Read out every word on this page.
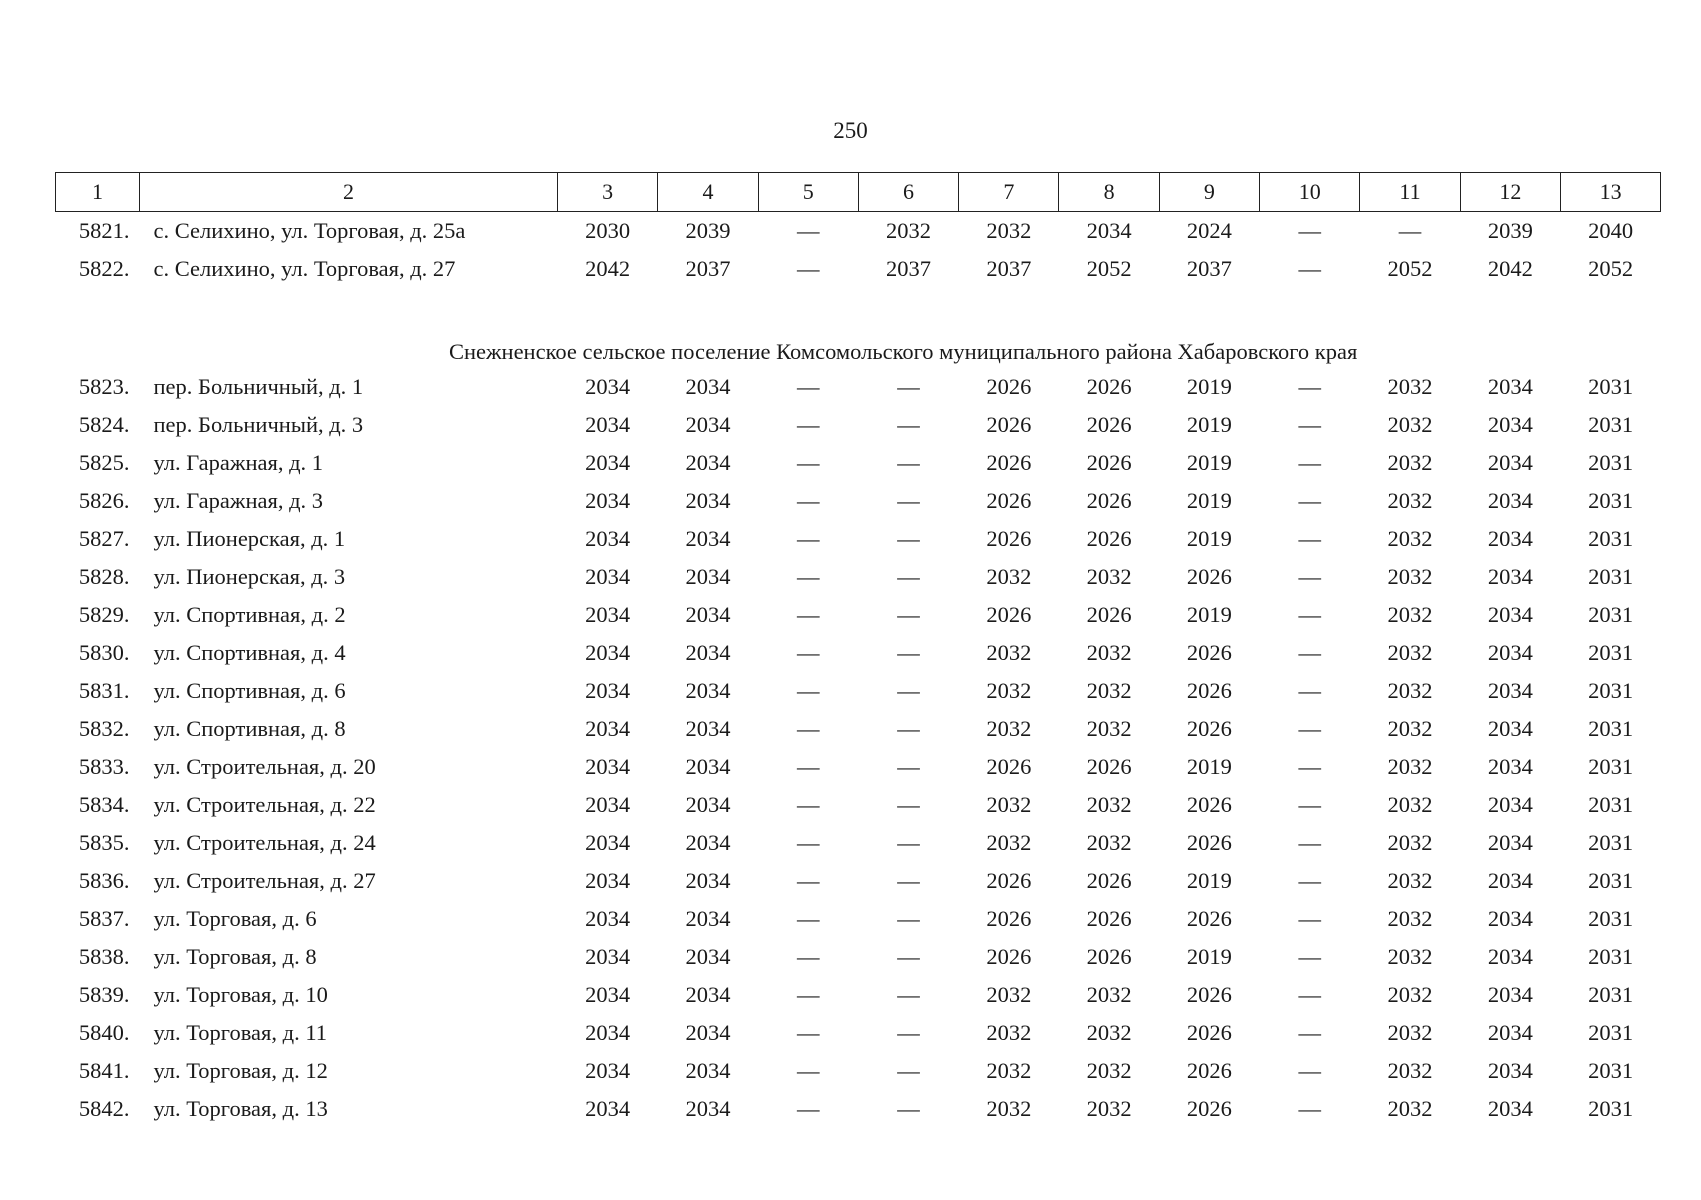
250
1	2	3	4	5	6	7	8	9	10	11	12	13
5821.	с. Селихино, ул. Торговая, д. 25а	2030	2039	—	2032	2032	2034	2024	—	—	2039	2040
5822.	с. Селихино, ул. Торговая, д. 27	2042	2037	—	2037	2037	2052	2037	—	2052	2042	2052

Снежненское сельское поселение Комсомольского муниципального района Хабаровского края												
5823.	пер. Больничный, д. 1	2034	2034	—	—	2026	2026	2019	—	2032	2034	2031
5824.	пер. Больничный, д. 3	2034	2034	—	—	2026	2026	2019	—	2032	2034	2031
5825.	ул. Гаражная, д. 1	2034	2034	—	—	2026	2026	2019	—	2032	2034	2031
5826.	ул. Гаражная, д. 3	2034	2034	—	—	2026	2026	2019	—	2032	2034	2031
5827.	ул. Пионерская, д. 1	2034	2034	—	—	2026	2026	2019	—	2032	2034	2031
5828.	ул. Пионерская, д. 3	2034	2034	—	—	2032	2032	2026	—	2032	2034	2031
5829.	ул. Спортивная, д. 2	2034	2034	—	—	2026	2026	2019	—	2032	2034	2031
5830.	ул. Спортивная, д. 4	2034	2034	—	—	2032	2032	2026	—	2032	2034	2031
5831.	ул. Спортивная, д. 6	2034	2034	—	—	2032	2032	2026	—	2032	2034	2031
5832.	ул. Спортивная, д. 8	2034	2034	—	—	2032	2032	2026	—	2032	2034	2031
5833.	ул. Строительная, д. 20	2034	2034	—	—	2026	2026	2019	—	2032	2034	2031
5834.	ул. Строительная, д. 22	2034	2034	—	—	2032	2032	2026	—	2032	2034	2031
5835.	ул. Строительная, д. 24	2034	2034	—	—	2032	2032	2026	—	2032	2034	2031
5836.	ул. Строительная, д. 27	2034	2034	—	—	2026	2026	2019	—	2032	2034	2031
5837.	ул. Торговая, д. 6	2034	2034	—	—	2026	2026	2026	—	2032	2034	2031
5838.	ул. Торговая, д. 8	2034	2034	—	—	2026	2026	2019	—	2032	2034	2031
5839.	ул. Торговая, д. 10	2034	2034	—	—	2032	2032	2026	—	2032	2034	2031
5840.	ул. Торговая, д. 11	2034	2034	—	—	2032	2032	2026	—	2032	2034	2031
5841.	ул. Торговая, д. 12	2034	2034	—	—	2032	2032	2026	—	2032	2034	2031
5842.	ул. Торговая, д. 13	2034	2034	—	—	2032	2032	2026	—	2032	2034	2031
